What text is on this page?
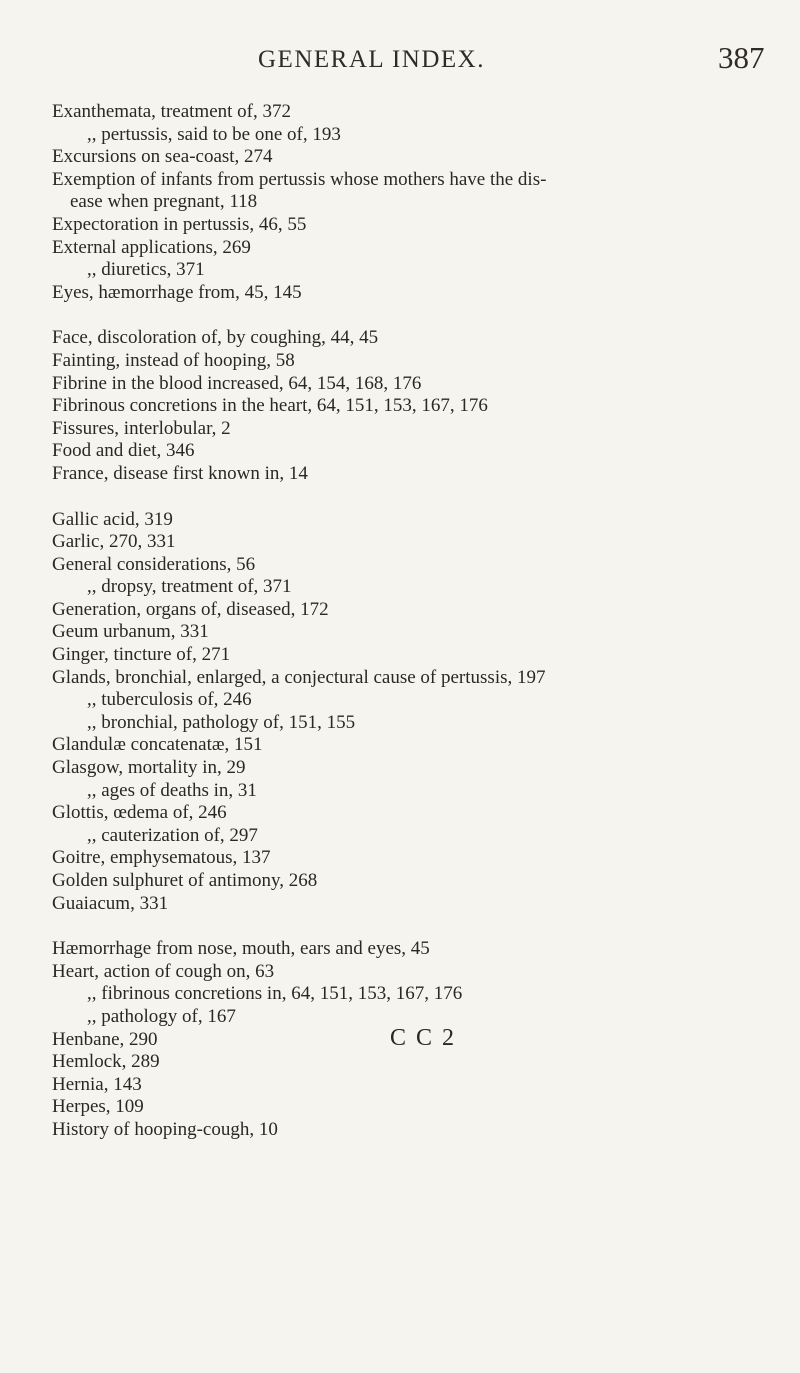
GENERAL INDEX.	387
Exanthemata, treatment of, 372
,, pertussis, said to be one of, 193
Excursions on sea-coast, 274
Exemption of infants from pertussis whose mothers have the dis-
ease when pregnant, 118
Expectoration in pertussis, 46, 55
External applications, 269
,, diuretics, 371
Eyes, hæmorrhage from, 45, 145
Face, discoloration of, by coughing, 44, 45
Fainting, instead of hooping, 58
Fibrine in the blood increased, 64, 154, 168, 176
Fibrinous concretions in the heart, 64, 151, 153, 167, 176
Fissures, interlobular, 2
Food and diet, 346
France, disease first known in, 14
Gallic acid, 319
Garlic, 270, 331
General considerations, 56
,, dropsy, treatment of, 371
Generation, organs of, diseased, 172
Geum urbanum, 331
Ginger, tincture of, 271
Glands, bronchial, enlarged, a conjectural cause of pertussis, 197
,, tuberculosis of, 246
,, bronchial, pathology of, 151, 155
Glandulæ concatenatæ, 151
Glasgow, mortality in, 29
,, ages of deaths in, 31
Glottis, œdema of, 246
,, cauterization of, 297
Goitre, emphysematous, 137
Golden sulphuret of antimony, 268
Guaiacum, 331
Hæmorrhage from nose, mouth, ears and eyes, 45
Heart, action of cough on, 63
,, fibrinous concretions in, 64, 151, 153, 167, 176
,, pathology of, 167
Henbane, 290
Hemlock, 289
Hernia, 143
Herpes, 109
History of hooping-cough, 10
C C 2
